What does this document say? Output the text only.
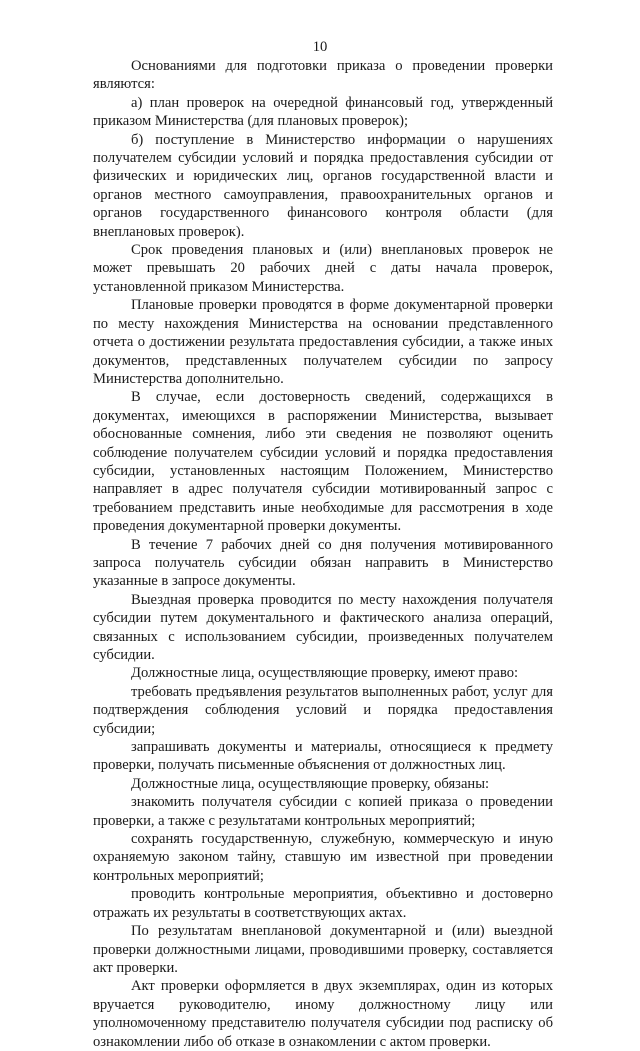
10

Основаниями для подготовки приказа о проведении проверки являются:

а) план проверок на очередной финансовый год, утвержденный приказом Министерства (для плановых проверок);

б) поступление в Министерство информации о нарушениях получателем субсидии условий и порядка предоставления субсидии от физических и юридических лиц, органов государственной власти и органов местного самоуправления, правоохранительных органов и органов государственного финансового контроля области (для внеплановых проверок).

Срок проведения плановых и (или) внеплановых проверок не может превышать 20 рабочих дней с даты начала проверок, установленной приказом Министерства.

Плановые проверки проводятся в форме документарной проверки по месту нахождения Министерства на основании представленного отчета о достижении результата предоставления субсидии, а также иных документов, представленных получателем субсидии по запросу Министерства дополнительно.

В случае, если достоверность сведений, содержащихся в документах, имеющихся в распоряжении Министерства, вызывает обоснованные сомнения, либо эти сведения не позволяют оценить соблюдение получателем субсидии условий и порядка предоставления субсидии, установленных настоящим Положением, Министерство направляет в адрес получателя субсидии мотивированный запрос с требованием представить иные необходимые для рассмотрения в ходе проведения документарной проверки документы.

В течение 7 рабочих дней со дня получения мотивированного запроса получатель субсидии обязан направить в Министерство указанные в запросе документы.

Выездная проверка проводится по месту нахождения получателя субсидии путем документального и фактического анализа операций, связанных с использованием субсидии, произведенных получателем субсидии.

Должностные лица, осуществляющие проверку, имеют право:

требовать предъявления результатов выполненных работ, услуг для подтверждения соблюдения условий и порядка предоставления субсидии;

запрашивать документы и материалы, относящиеся к предмету проверки, получать письменные объяснения от должностных лиц.

Должностные лица, осуществляющие проверку, обязаны:

знакомить получателя субсидии с копией приказа о проведении проверки, а также с результатами контрольных мероприятий;

сохранять государственную, служебную, коммерческую и иную охраняемую законом тайну, ставшую им известной при проведении контрольных мероприятий;

проводить контрольные мероприятия, объективно и достоверно отражать их результаты в соответствующих актах.

По результатам внеплановой документарной и (или) выездной проверки должностными лицами, проводившими проверку, составляется акт проверки.

Акт проверки оформляется в двух экземплярах, один из которых вручается руководителю, иному должностному лицу или уполномоченному представителю получателя субсидии под расписку об ознакомлении либо об отказе в ознакомлении с актом проверки.
